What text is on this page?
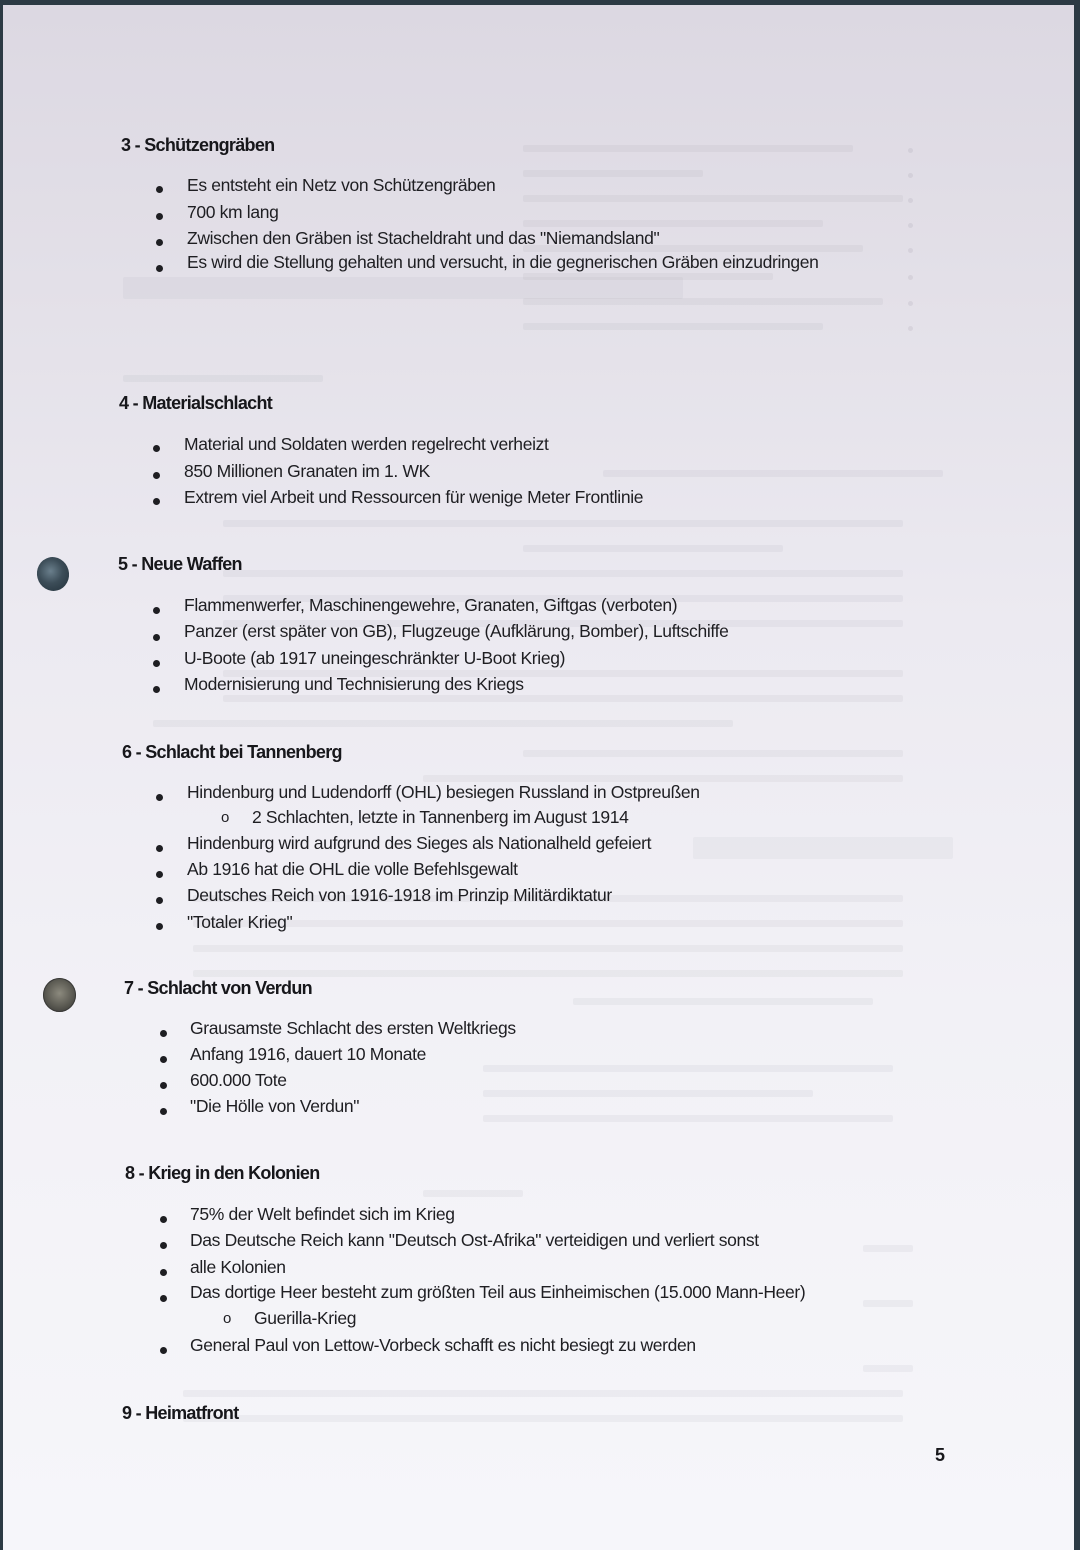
3 - Schützengräben
Es entsteht ein Netz von Schützengräben
700 km lang
Zwischen den Gräben ist Stacheldraht und das "Niemandsland"
Es wird die Stellung gehalten und versucht, in die gegnerischen Gräben einzudringen
4 - Materialschlacht
Material und Soldaten werden regelrecht verheizt
850 Millionen Granaten im 1. WK
Extrem viel Arbeit und Ressourcen für wenige Meter Frontlinie
5 - Neue Waffen
Flammenwerfer, Maschinengewehre, Granaten, Giftgas (verboten)
Panzer (erst später von GB), Flugzeuge (Aufklärung, Bomber), Luftschiffe
U-Boote (ab 1917 uneingeschränkter U-Boot Krieg)
Modernisierung und Technisierung des Kriegs
6 - Schlacht bei Tannenberg
Hindenburg und Ludendorff (OHL) besiegen Russland in Ostpreußen
o 2 Schlachten, letzte in Tannenberg im August 1914
Hindenburg wird aufgrund des Sieges als Nationalheld gefeiert
Ab 1916 hat die OHL die volle Befehlsgewalt
Deutsches Reich von 1916-1918 im Prinzip Militärdiktatur
"Totaler Krieg"
7 - Schlacht von Verdun
Grausamste Schlacht des ersten Weltkriegs
Anfang 1916, dauert 10 Monate
600.000 Tote
"Die Hölle von Verdun"
8 - Krieg in den Kolonien
75% der Welt befindet sich im Krieg
Das Deutsche Reich kann "Deutsch Ost-Afrika" verteidigen und verliert sonst
alle Kolonien
Das dortige Heer besteht zum größten Teil aus Einheimischen (15.000 Mann-Heer)
o Guerilla-Krieg
General Paul von Lettow-Vorbeck schafft es nicht besiegt zu werden
9 - Heimatfront
5
